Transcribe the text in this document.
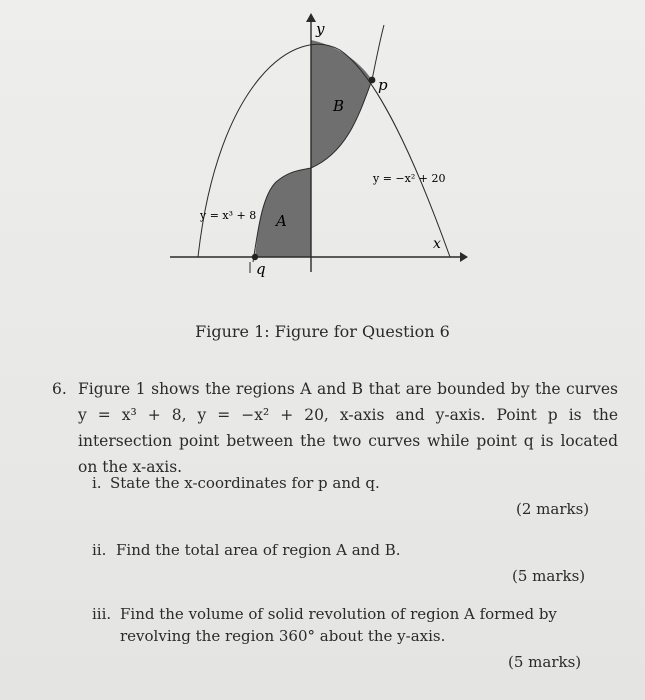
y
B
A
p
q
x
y = x³ + 8
y = −x² + 20
Figure 1: Figure for Question 6
6. Figure 1 shows the regions A and B that are bounded by the curves y = x³ + 8, y = −x² + 20, x-axis and y-axis. Point p is the intersection point between the two curves while point q is located on the x-axis.
i. State the x-coordinates for p and q.
(2 marks)
ii. Find the total area of region A and B.
(5 marks)
iii. Find the volume of solid revolution of region A formed by revolving the region 360° about the y-axis.
(5 marks)
